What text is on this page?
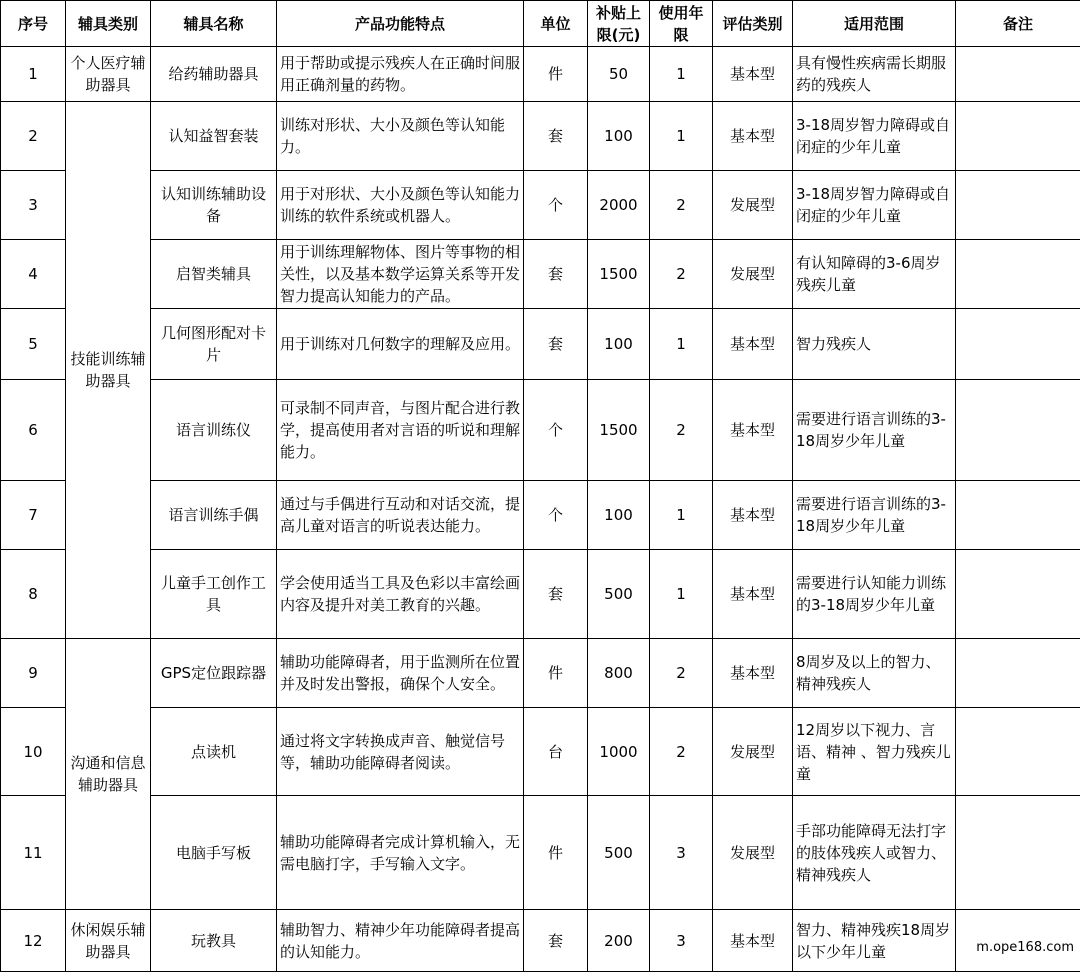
序号	辅具类别	辅具名称	产品功能特点	单位	补贴上限(元)	使用年限	评估类别	适用范围	备注
1	个人医疗辅助器具	给药辅助器具	用于帮助或提示残疾人在正确时间服用正确剂量的药物。	件	50	1	基本型	具有慢性疾病需长期服药的残疾人	
2	技能训练辅助器具	认知益智套装	训练对形状、大小及颜色等认知能力。	套	100	1	基本型	3-18周岁智力障碍或自闭症的少年儿童	
3		认知训练辅助设备	用于对形状、大小及颜色等认知能力训练的软件系统或机器人。	个	2000	2	发展型	3-18周岁智力障碍或自闭症的少年儿童	
4		启智类辅具	用于训练理解物体、图片等事物的相关性，以及基本数学运算关系等开发智力提高认知能力的产品。	套	1500	2	发展型	有认知障碍的3-6周岁残疾儿童	
5		几何图形配对卡片	用于训练对几何数字的理解及应用。	套	100	1	基本型	智力残疾人	
6		语言训练仪	可录制不同声音，与图片配合进行教学，提高使用者对言语的听说和理解能力。	个	1500	2	基本型	需要进行语言训练的3-18周岁少年儿童	
7		语言训练手偶	通过与手偶进行互动和对话交流，提高儿童对语言的听说表达能力。	个	100	1	基本型	需要进行语言训练的3-18周岁少年儿童	
8		儿童手工创作工具	学会使用适当工具及色彩以丰富绘画内容及提升对美工教育的兴趣。	套	500	1	基本型	需要进行认知能力训练的3-18周岁少年儿童	
9	沟通和信息辅助器具	GPS定位跟踪器	辅助功能障碍者，用于监测所在位置并及时发出警报，确保个人安全。	件	800	2	基本型	8周岁及以上的智力、精神残疾人	
10		点读机	通过将文字转换成声音、触觉信号等，辅助功能障碍者阅读。	台	1000	2	发展型	12周岁以下视力、言语、精神 、智力残疾儿童	
11		电脑手写板	辅助功能障碍者完成计算机输入，无需电脑打字，手写输入文字。	件	500	3	发展型	手部功能障碍无法打字的肢体残疾人或智力、精神残疾人	
12	休闲娱乐辅助器具	玩教具	辅助智力、精神少年功能障碍者提高的认知能力。	套	200	3	基本型	智力、精神残疾18周岁以下少年儿童		m.ope168.com
